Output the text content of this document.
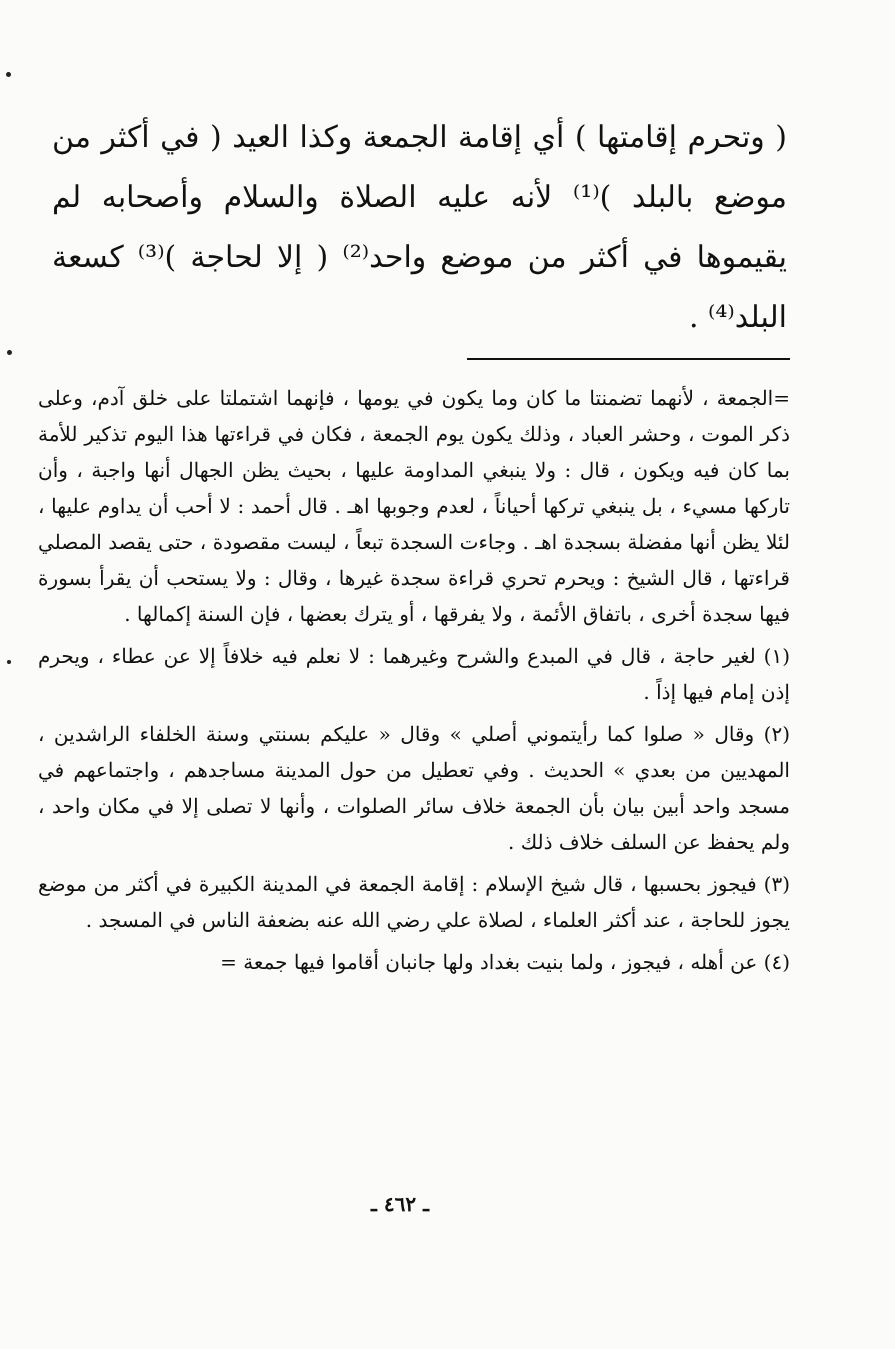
( وتحرم إقامتها ) أي إقامة الجمعة وكذا العيد ( في أكثر من موضع بالبلد )⁽¹⁾ لأنه عليه الصلاة والسلام وأصحابه لم يقيموها في أكثر من موضع واحد⁽²⁾ ( إلا لحاجة )⁽³⁾ كسعة البلد⁽⁴⁾ .

=الجمعة ، لأنهما تضمنتا ما كان وما يكون في يومها ، فإنهما اشتملتا على خلق آدم، وعلى ذكر الموت ، وحشر العباد ، وذلك يكون يوم الجمعة ، فكان في قراءتها هذا اليوم تذكير للأمة بما كان فيه ويكون ، قال : ولا ينبغي المداومة عليها ، بحيث يظن الجهال أنها واجبة ، وأن تاركها مسيء ، بل ينبغي تركها أحياناً ، لعدم وجوبها اهـ . قال أحمد : لا أحب أن يداوم عليها ، لئلا يظن أنها مفضلة بسجدة اهـ . وجاءت السجدة تبعاً ، ليست مقصودة ، حتى يقصد المصلي قراءتها ، قال الشيخ : ويحرم تحري قراءة سجدة غيرها ، وقال : ولا يستحب أن يقرأ بسورة فيها سجدة أخرى ، باتفاق الأئمة ، ولا يفرقها ، أو يترك بعضها ، فإن السنة إكمالها .

(١) لغير حاجة ، قال في المبدع والشرح وغيرهما : لا نعلم فيه خلافاً إلا عن عطاء ، ويحرم إذن إمام فيها إذاً .

(٢) وقال « صلوا كما رأيتموني أصلي » وقال « عليكم بسنتي وسنة الخلفاء الراشدين ، المهديين من بعدي » الحديث . وفي تعطيل من حول المدينة مساجدهم ، واجتماعهم في مسجد واحد أبين بيان بأن الجمعة خلاف سائر الصلوات ، وأنها لا تصلى إلا في مكان واحد ، ولم يحفظ عن السلف خلاف ذلك .

(٣) فيجوز بحسبها ، قال شيخ الإسلام : إقامة الجمعة في المدينة الكبيرة في أكثر من موضع يجوز للحاجة ، عند أكثر العلماء ، لصلاة علي رضي الله عنه بضعفة الناس في المسجد .

(٤) عن أهله ، فيجوز ، ولما بنيت بغداد ولها جانبان أقاموا فيها جمعة =

ـ ٤٦٢ ـ
